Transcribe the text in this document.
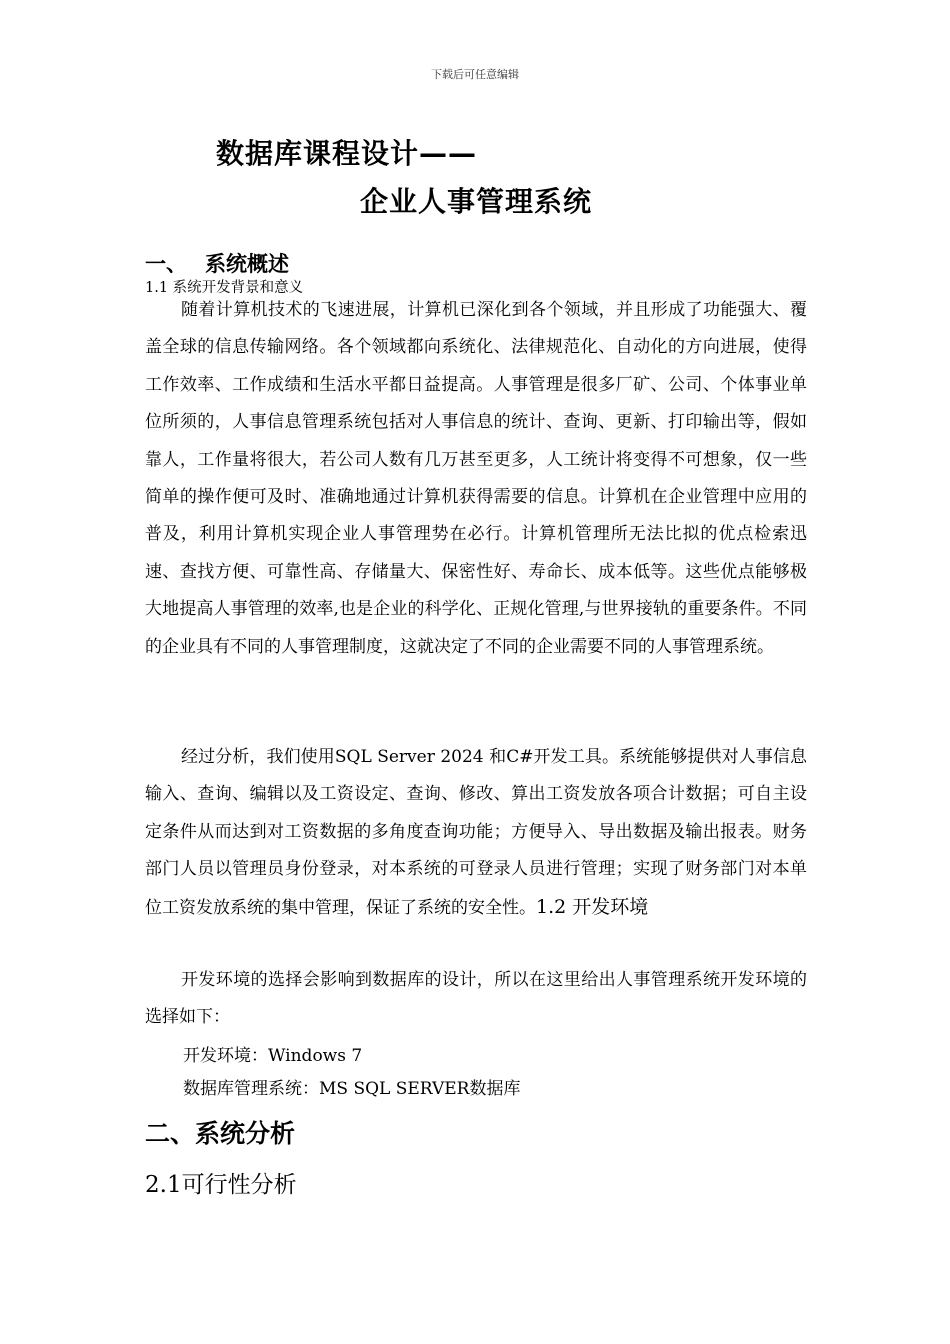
下载后可任意编辑
数据库课程设计——
企业人事管理系统
一、 系统概述
1.1 系统开发背景和意义

随着计算机技术的飞速进展，计算机已深化到各个领域，并且形成了功能强大、覆盖全球的信息传输网络。各个领域都向系统化、法律规范化、自动化的方向进展，使得工作效率、工作成绩和生活水平都日益提高。人事管理是很多厂矿、公司、个体事业单位所须的，人事信息管理系统包括对人事信息的统计、查询、更新、打印输出等，假如靠人，工作量将很大，若公司人数有几万甚至更多，人工统计将变得不可想象，仅一些简单的操作便可及时、准确地通过计算机获得需要的信息。计算机在企业管理中应用的普及，利用计算机实现企业人事管理势在必行。计算机管理所无法比拟的优点检索迅速、查找方便、可靠性高、存储量大、保密性好、寿命长、成本低等。这些优点能够极大地提高人事管理的效率,也是企业的科学化、正规化管理,与世界接轨的重要条件。不同的企业具有不同的人事管理制度，这就决定了不同的企业需要不同的人事管理系统。

经过分析，我们使用SQL Server 2024 和C#开发工具。系统能够提供对人事信息输入、查询、编辑以及工资设定、查询、修改、算出工资发放各项合计数据；可自主设定条件从而达到对工资数据的多角度查询功能；方便导入、导出数据及输出报表。财务部门人员以管理员身份登录，对本系统的可登录人员进行管理；实现了财务部门对本单位工资发放系统的集中管理，保证了系统的安全性。1.2 开发环境

开发环境的选择会影响到数据库的设计，所以在这里给出人事管理系统开发环境的选择如下：

开发环境：Windows 7
数据库管理系统：MS SQL SERVER数据库
二、系统分析
2.1可行性分析
